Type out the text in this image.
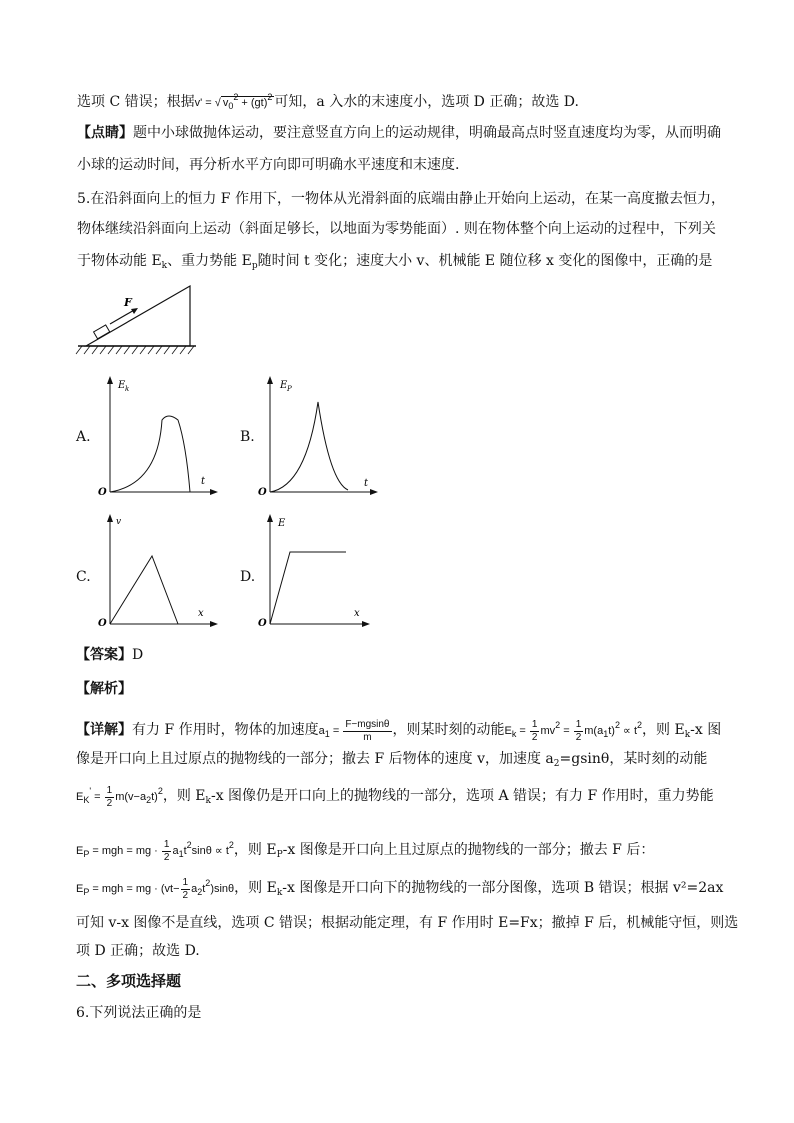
选项 C 错误；根据v' = √ $v_0^2 + (gt)^2$ 可知，a 入水的末速度小，选项 D 正确；故选 D.
【点睛】题中小球做抛体运动，要注意竖直方向上的运动规律，明确最高点时竖直速度均为零，从而明确
小球的运动时间，再分析水平方向即可明确水平速度和末速度.
5.在沿斜面向上的恒力 F 作用下，一物体从光滑斜面的底端由静止开始向上运动，在某一高度撤去恒力，
物体继续沿斜面向上运动（斜面足够长，以地面为零势能面）. 则在物体整个向上运动的过程中，下列关
于物体动能 $E_k$、重力势能 $E_p$随时间 t 变化；速度大小 v、机械能 E 随位移 x 变化的图像中，正确的是
F
A.
E k
t
O
B.
E P
t
O
C.
v
x
O
D.
E
x
O
【答案】D
【解析】
【详解】有力 F 作用时，物体的加速度$a_1 = \frac{F-mgsin\theta}{m}$ ，则某时刻的动能$E_k = \frac{1}{2} mv^2 = \frac{1}{2} m(a_1t)^2 \propto t^2$，则 $E_k-x$ 图
像是开口向上且过原点的抛物线的一部分；撤去 F 后物体的速度 v，加速度 $a_2=gsin\theta$，某时刻的动能
$E_K' = \frac{1}{2} m(v-a_2t)^2$，则 $E_k-x$ 图像仍是开口向上的抛物线的一部分，选项 A 错误；有力 F 作用时，重力势能
$E_P$ = mgh = mg · $\frac{1}{2} a_1t^2\sin\theta \propto t^2$，则 $E_P-x$ 图像是开口向上且过原点的抛物线的一部分；撤去 F 后：
$E_P$ = mgh = mg · $(vt- \frac{1}{2} a_2t^2)\sin\theta$，则 $E_k-x$ 图像是开口向下的抛物线的一部分图像，选项 B 错误；根据 v²=2ax
可知 v-x 图像不是直线，选项 C 错误；根据动能定理，有 F 作用时 E=Fx；撤掉 F 后，机械能守恒，则选
项 D 正确；故选 D.
二、多项选择题
6.下列说法正确的是
